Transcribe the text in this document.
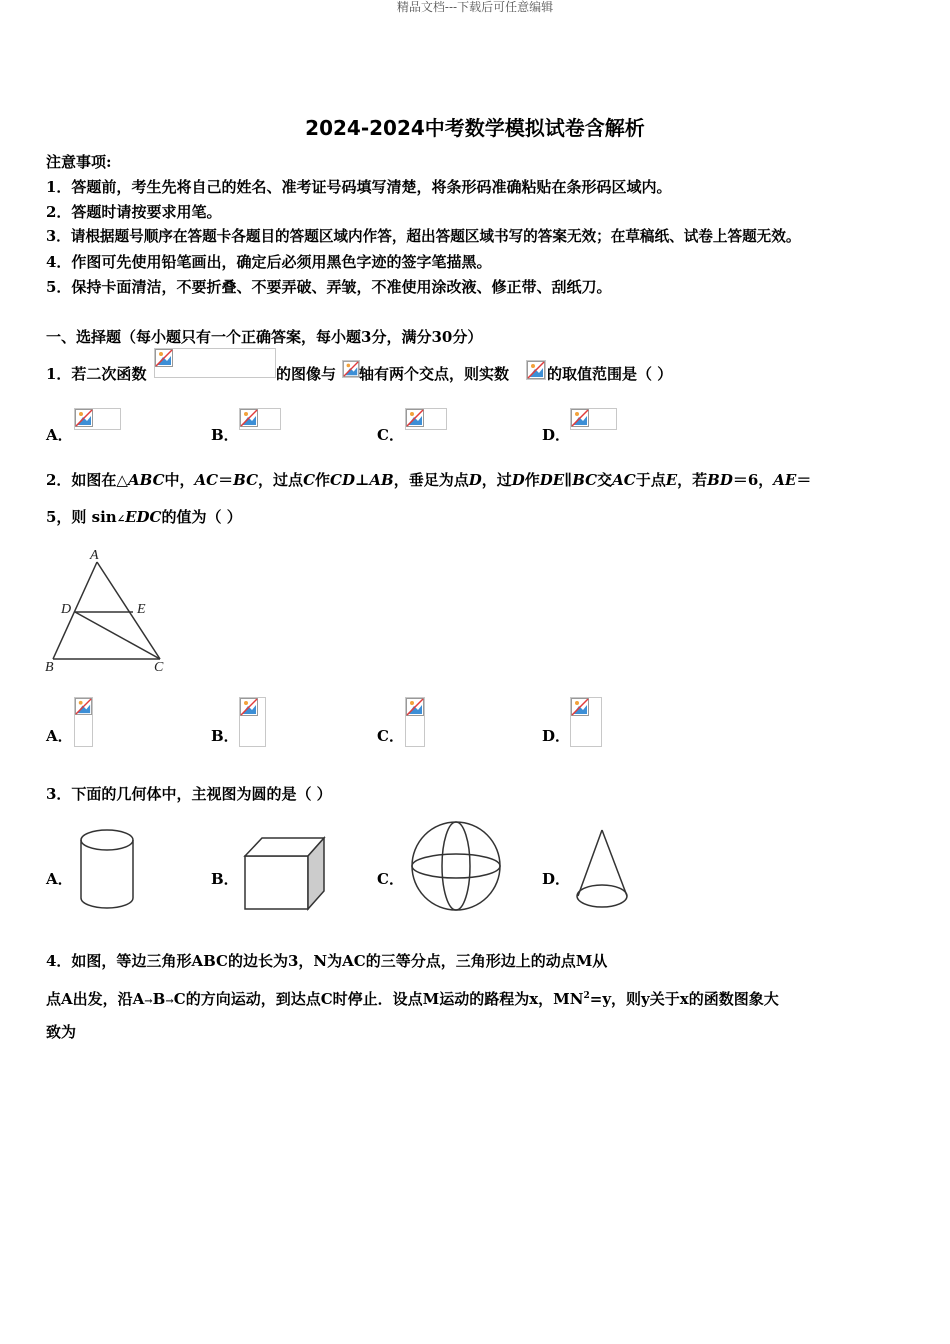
精品文档---下载后可任意编辑
2024-2024中考数学模拟试卷含解析
注意事项:
1．答题前，考生先将自己的姓名、准考证号码填写清楚，将条形码准确粘贴在条形码区域内。
2．答题时请按要求用笔。
3．请根据题号顺序在答题卡各题目的答题区域内作答，超出答题区域书写的答案无效；在草稿纸、试卷上答题无效。
4．作图可先使用铅笔画出，确定后必须用黑色字迹的签字笔描黑。
5．保持卡面清洁，不要折叠、不要弄破、弄皱，不准使用涂改液、修正带、刮纸刀。
一、选择题（每小题只有一个正确答案，每小题3分，满分30分）
1．若二次函数	的图像与 轴有两个交点，则实数	的取值范围是（ ）
A．	B．	C．	D．
2．如图在△ABC中，AC＝BC，过点C作CD⊥AB，垂足为点D，过D作DE∥BC交AC于点E，若BD＝6，AE＝
5，则 sin∠EDC的值为（ ）
A
D	E
B	C
A．	B．	C．	D．
3．下面的几何体中，主视图为圆的是（ ）
A．	B．	C．	D．
4．如图，等边三角形ABC的边长为3，N为AC的三等分点，三角形边上的动点M从
点A出发，沿A→B→C的方向运动，到达点C时停止．设点M运动的路程为x，$MN^2=y$，则y关于x的函数图象大
致为
